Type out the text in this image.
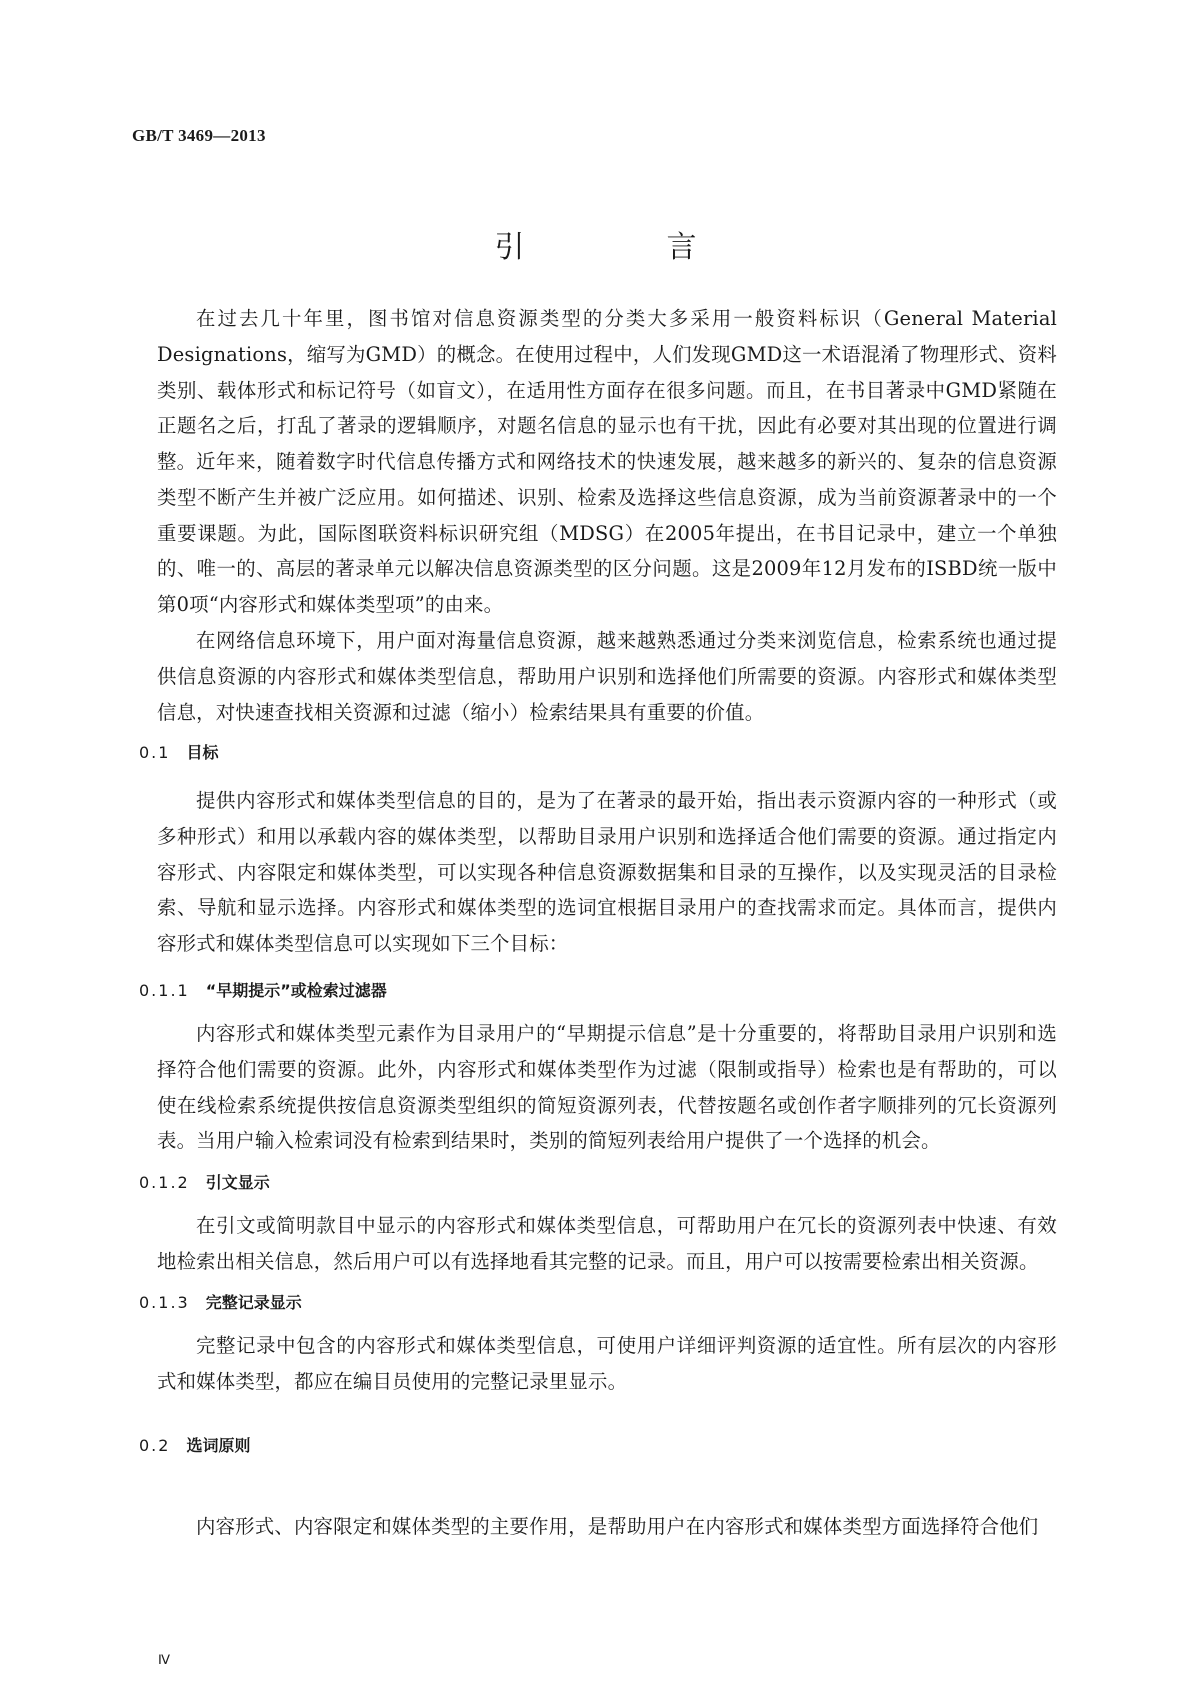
GB/T 3469—2013
引　言

在过去几十年里，图书馆对信息资源类型的分类大多采用一般资料标识（General Material Designations，缩写为GMD）的概念。在使用过程中，人们发现GMD这一术语混淆了物理形式、资料类别、载体形式和标记符号（如盲文），在适用性方面存在很多问题。而且，在书目著录中GMD紧随在正题名之后，打乱了著录的逻辑顺序，对题名信息的显示也有干扰，因此有必要对其出现的位置进行调整。 近年来，随着数字时代信息传播方式和网络技术的快速发展，越来越多的新兴的、复杂的信息资源类型不断产生并被广泛应用。如何描述、识别、检索及选择这些信息资源，成为当前资源著录中的一个重要课题。为此，国际图联资料标识研究组（MDSG）在2005年提出，在书目记录中，建立一个单独的、唯一的、高层的著录单元以解决信息资源类型的区分问题。这是2009年12月发布的ISBD统一版中第0项“内容形式和媒体类型项”的由来。

在网络信息环境下，用户面对海量信息资源，越来越熟悉通过分类来浏览信息，检索系统也通过提供信息资源的内容形式和媒体类型信息，帮助用户识别和选择他们所需要的资源。内容形式和媒体类型信息，对快速查找相关资源和过滤（缩小）检索结果具有重要的价值。

0.1 目标

提供内容形式和媒体类型信息的目的，是为了在著录的最开始，指出表示资源内容的一种形式（或多种形式）和用以承载内容的媒体类型，以帮助目录用户识别和选择适合他们需要的资源。通过指定内容形式、内容限定和媒体类型，可以实现各种信息资源数据集和目录的互操作，以及实现灵活的目录检索、导航和显示选择。内容形式和媒体类型的选词宜根据目录用户的查找需求而定。具体而言，提供内容形式和媒体类型信息可以实现如下三个目标：

0.1.1 “早期提示”或检索过滤器

内容形式和媒体类型元素作为目录用户的“早期提示信息”是十分重要的，将帮助目录用户识别和选择符合他们需要的资源。此外，内容形式和媒体类型作为过滤（限制或指导）检索也是有帮助的，可以使在线检索系统提供按信息资源类型组织的简短资源列表，代替按题名或创作者字顺排列的冗长资源列表。当用户输入检索词没有检索到结果时，类别的简短列表给用户提供了一个选择的机会。

0.1.2 引文显示

在引文或简明款目中显示的内容形式和媒体类型信息，可帮助用户在冗长的资源列表中快速、有效地检索出相关信息，然后用户可以有选择地看其完整的记录。而且，用户可以按需要检索出相关资源。

0.1.3 完整记录显示

完整记录中包含的内容形式和媒体类型信息，可使用户详细评判资源的适宜性。所有层次的内容形式和媒体类型，都应在编目员使用的完整记录里显示。

0.2 选词原则

内容形式、内容限定和媒体类型的主要作用，是帮助用户在内容形式和媒体类型方面选择符合他们

Ⅳ
